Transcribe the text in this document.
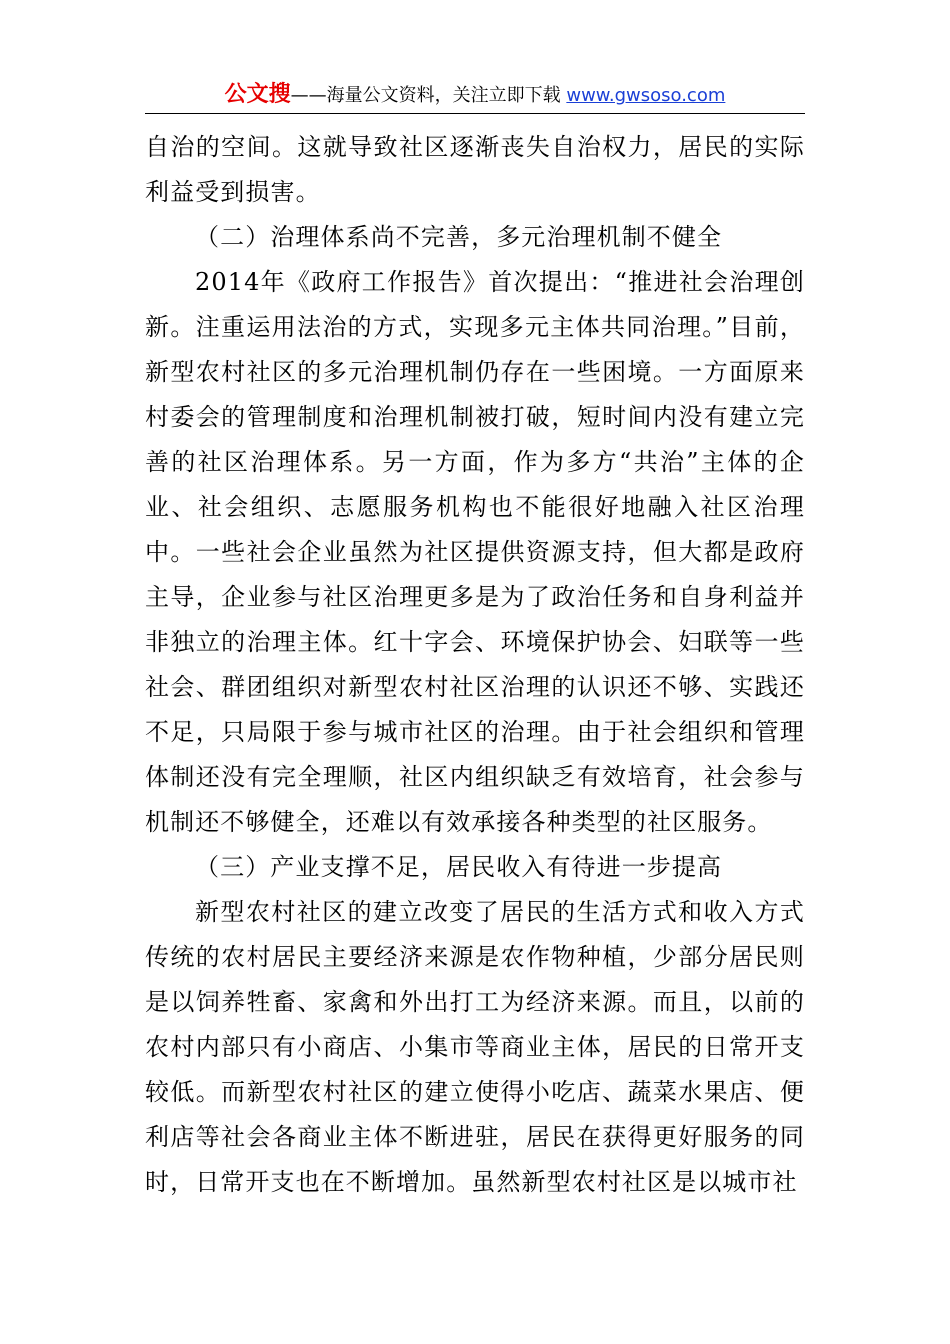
公文搜——海量公文资料，关注立即下载 www.gwsoso.com

自治的空间。这就导致社区逐渐丧失自治权力，居民的实际利益受到损害。

（二）治理体系尚不完善，多元治理机制不健全

2014年《政府工作报告》首次提出：“推进社会治理创新。注重运用法治的方式，实现多元主体共同治理。”目前，新型农村社区的多元治理机制仍存在一些困境。一方面原来村委会的管理制度和治理机制被打破，短时间内没有建立完善的社区治理体系。另一方面，作为多方“共治”主体的企业、社会组织、志愿服务机构也不能很好地融入社区治理中。一些社会企业虽然为社区提供资源支持，但大都是政府主导，企业参与社区治理更多是为了政治任务和自身利益并非独立的治理主体。红十字会、环境保护协会、妇联等一些社会、群团组织对新型农村社区治理的认识还不够、实践还不足，只局限于参与城市社区的治理。由于社会组织和管理体制还没有完全理顺，社区内组织缺乏有效培育，社会参与机制还不够健全，还难以有效承接各种类型的社区服务。

（三）产业支撑不足，居民收入有待进一步提高

新型农村社区的建立改变了居民的生活方式和收入方式传统的农村居民主要经济来源是农作物种植，少部分居民则是以饲养牲畜、家禽和外出打工为经济来源。而且，以前的农村内部只有小商店、小集市等商业主体，居民的日常开支较低。而新型农村社区的建立使得小吃店、蔬菜水果店、便利店等社会各商业主体不断进驻，居民在获得更好服务的同时，日常开支也在不断增加。虽然新型农村社区是以城市社
